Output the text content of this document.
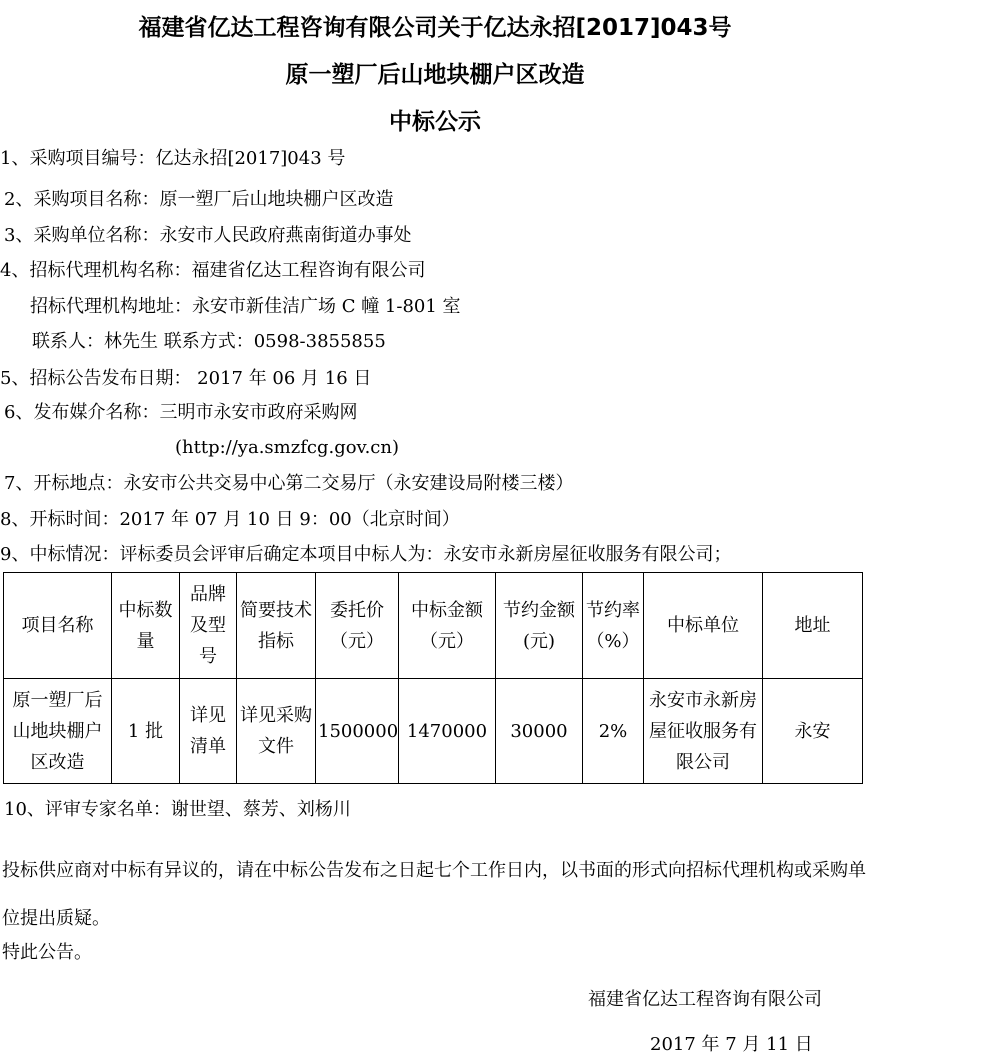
福建省亿达工程咨询有限公司关于亿达永招[2017]043号
原一塑厂后山地块棚户区改造
中标公示
1、采购项目编号：亿达永招[2017]043 号
2、采购项目名称：原一塑厂后山地块棚户区改造
3、采购单位名称：永安市人民政府燕南街道办事处
4、招标代理机构名称：福建省亿达工程咨询有限公司
招标代理机构地址：永安市新佳洁广场 C 幢 1-801 室
联系人：林先生 联系方式：0598-3855855
5、招标公告发布日期： 2017 年 06 月 16 日
6、发布媒介名称：三明市永安市政府采购网
(http://ya.smzfcg.gov.cn)
7、开标地点：永安市公共交易中心第二交易厅（永安建设局附楼三楼）
8、开标时间：2017 年 07 月 10 日 9：00（北京时间）
9、中标情况：评标委员会评审后确定本项目中标人为：永安市永新房屋征收服务有限公司；
项目名称	中标数量	品牌及型号	简要技术指标	委托价（元）	中标金额（元）	节约金额(元)	节约率（%）	中标单位	地址
原一塑厂后山地块棚户区改造	1 批	详见清单	详见采购文件	1500000	1470000	30000	2%	永安市永新房屋征收服务有限公司	永安
10、评审专家名单：谢世望、蔡芳、刘杨川
投标供应商对中标有异议的，请在中标公告发布之日起七个工作日内，以书面的形式向招标代理机构或采购单位提出质疑。
特此公告。
福建省亿达工程咨询有限公司
2017 年 7 月 11 日
